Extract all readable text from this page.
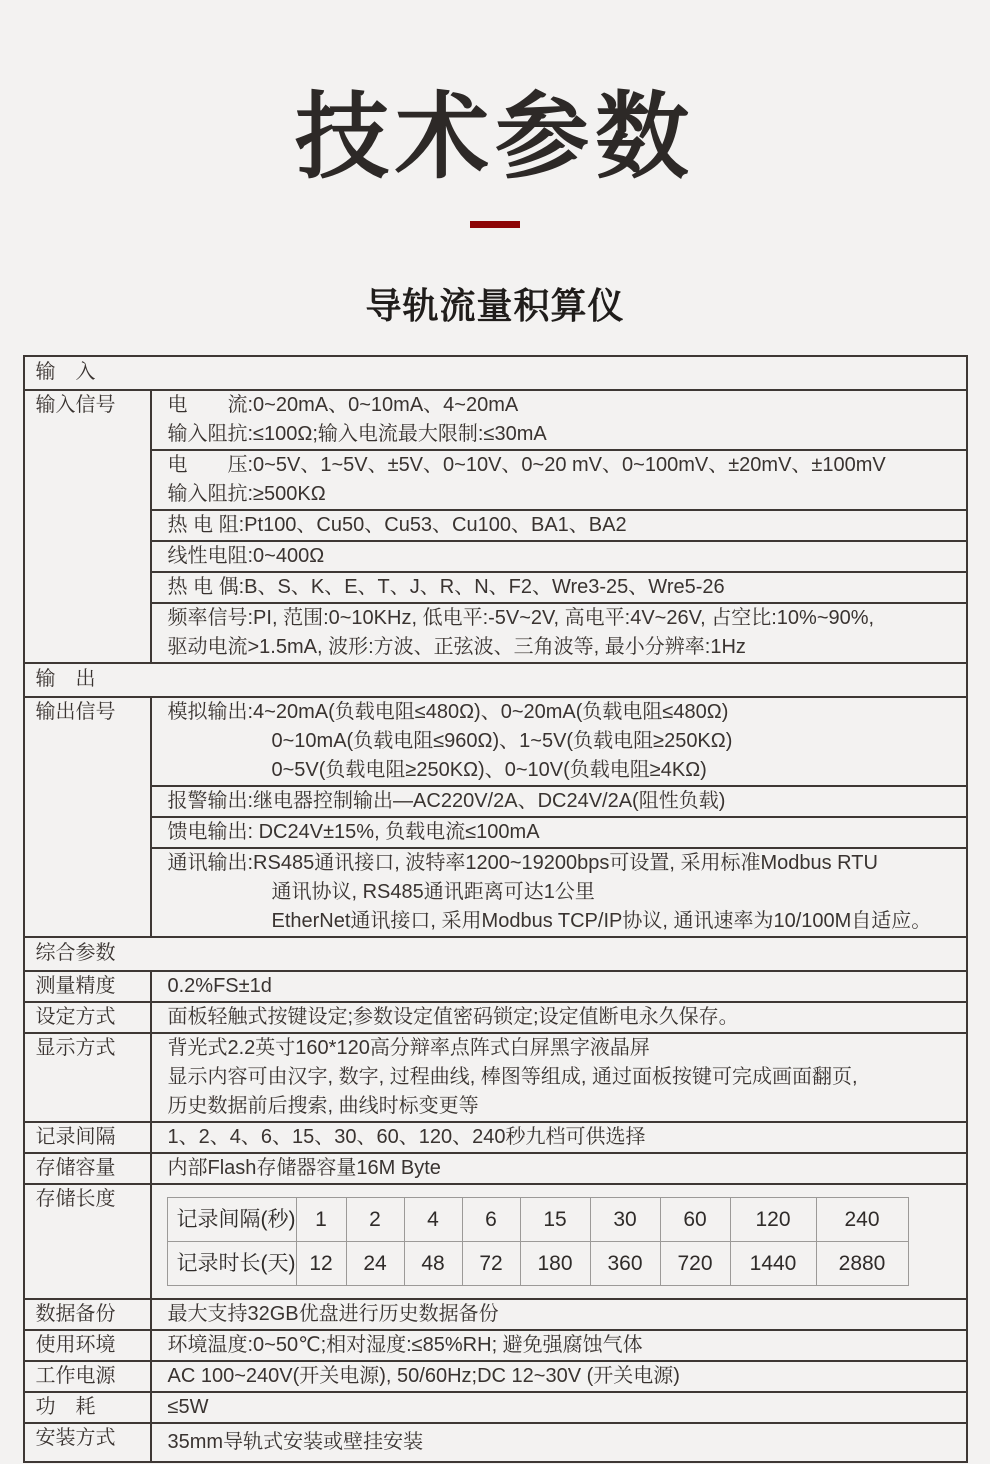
技术参数
导轨流量积算仪
输　入
输入信号	电　　流:0~20mA、0~10mA、4~20mA
输入阻抗:≤100Ω;输入电流最大限制:≤30mA

电　　压:0~5V、1~5V、±5V、0~10V、0~20 mV、0~100mV、±20mV、±100mV
输入阻抗:≥500KΩ

热 电 阻:Pt100、Cu50、Cu53、Cu100、BA1、BA2

线性电阻:0~400Ω

热 电 偶:B、S、K、E、T、J、R、N、F2、Wre3-25、Wre5-26

频率信号:PI, 范围:0~10KHz, 低电平:-5V~2V, 高电平:4V~26V, 占空比:10%~90%,
驱动电流>1.5mA, 波形:方波、正弦波、三角波等, 最小分辨率:1Hz

输　出
输出信号	模拟输出:4~20mA(负载电阻≤480Ω)、0~20mA(负载电阻≤480Ω)
0~10mA(负载电阻≤960Ω)、1~5V(负载电阻≥250KΩ)
0~5V(负载电阻≥250KΩ)、0~10V(负载电阻≥4KΩ)

报警输出:继电器控制输出—AC220V/2A、DC24V/2A(阻性负载)

馈电输出: DC24V±15%, 负载电流≤100mA

通讯输出:RS485通讯接口, 波特率1200~19200bps可设置, 采用标准Modbus RTU
通讯协议, RS485通讯距离可达1公里
EtherNet通讯接口, 采用Modbus TCP/IP协议, 通讯速率为10/100M自适应。

综合参数
测量精度	0.2%FS±1d

设定方式	面板轻触式按键设定;参数设定值密码锁定;设定值断电永久保存。

显示方式	背光式2.2英寸160*120高分辩率点阵式白屏黑字液晶屏
显示内容可由汉字, 数字, 过程曲线, 棒图等组成, 通过面板按键可完成画面翻页,
历史数据前后搜索, 曲线时标变更等

记录间隔	1、2、4、6、15、30、60、120、240秒九档可供选择

存储容量	内部Flash存储器容量16M Byte

存储长度	
记录间隔(秒)	1	2	4	6	15	30	60	120	240
记录时长(天)	12	24	48	72	180	360	720	1440	2880

数据备份	最大支持32GB优盘进行历史数据备份

使用环境	环境温度:0~50℃;相对湿度:≤85%RH; 避免强腐蚀气体

工作电源	AC 100~240V(开关电源), 50/60Hz;DC 12~30V (开关电源)

功　耗	≤5W

安装方式	35mm导轨式安装或壁挂安装
